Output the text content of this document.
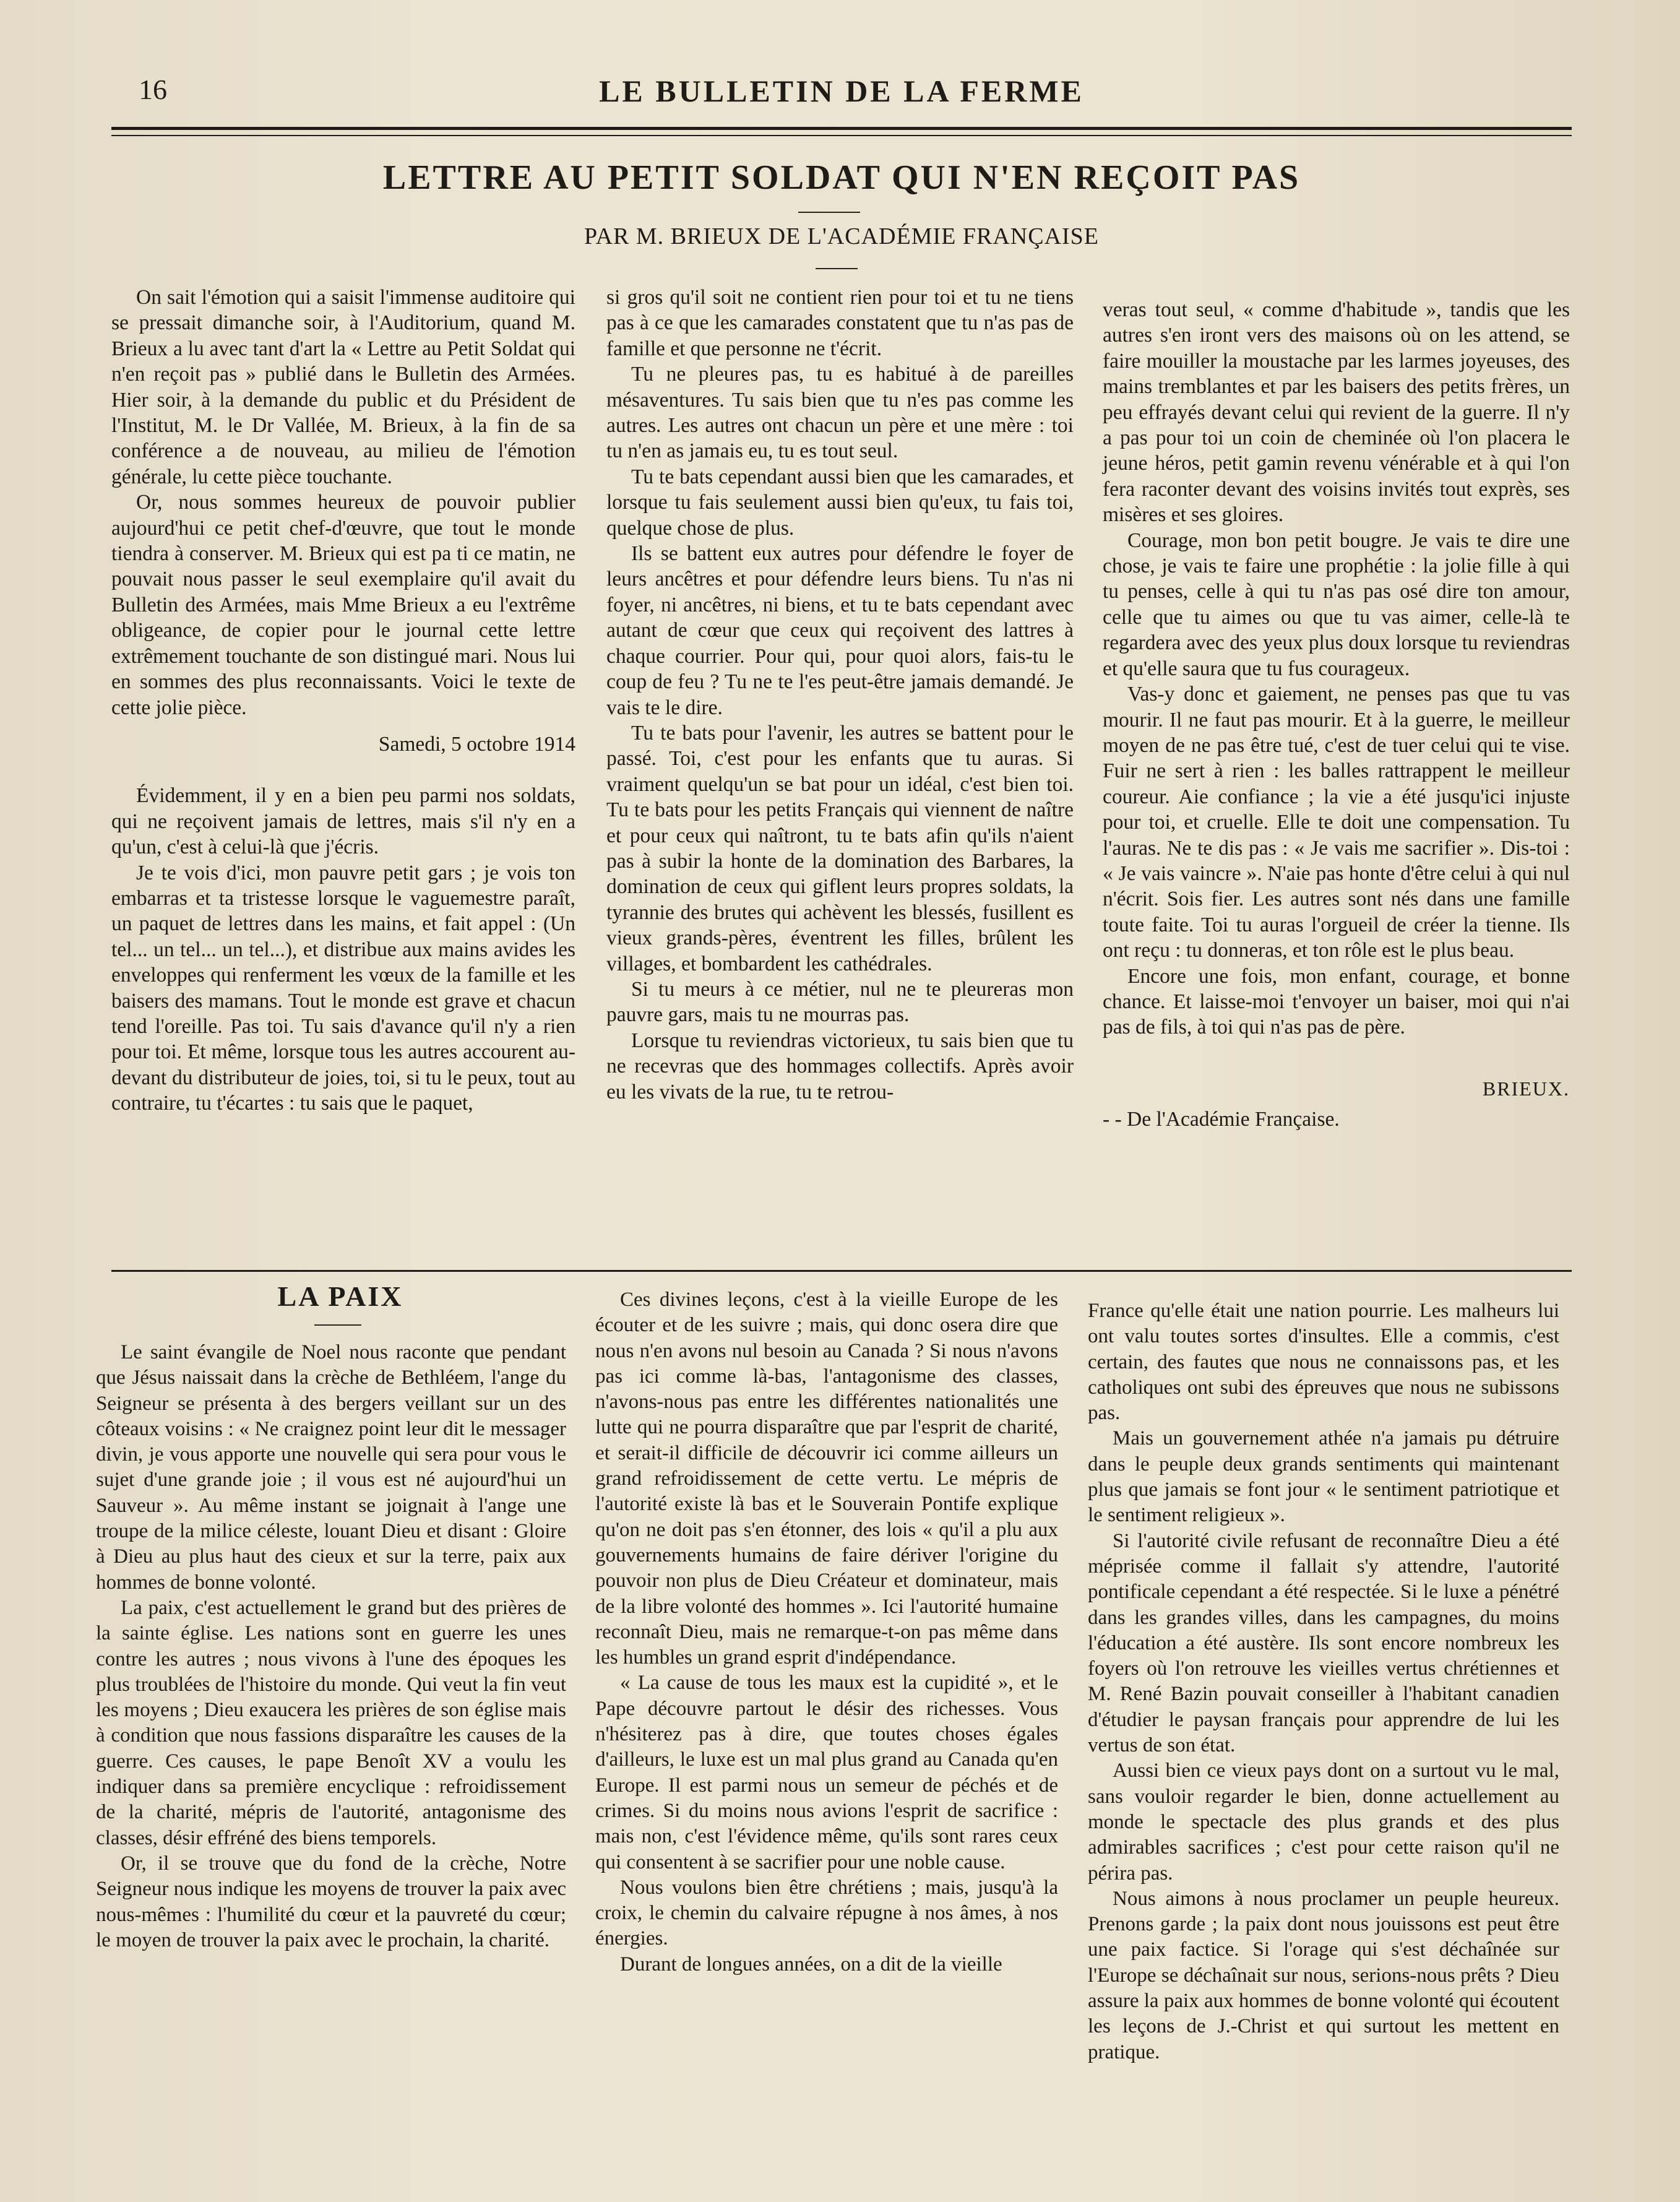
16	LE BULLETIN DE LA FERME
LETTRE AU PETIT SOLDAT QUI N'EN REÇOIT PAS
PAR M. BRIEUX DE L'ACADÉMIE FRANÇAISE

On sait l'émotion qui a saisit l'immense auditoire qui se pressait dimanche soir, à l'Auditorium, quand M. Brieux a lu avec tant d'art la « Lettre au Petit Soldat qui n'en reçoit pas » publié dans le Bulletin des Armées. Hier soir, à la demande du public et du Président de l'Institut, M. le Dr Vallée, M. Brieux, à la fin de sa conférence a de nouveau, au milieu de l'émotion générale, lu cette pièce touchante.

Or, nous sommes heureux de pouvoir publier aujourd'hui ce petit chef-d'œuvre, que tout le monde tiendra à conserver. M. Brieux qui est pa ti ce matin, ne pouvait nous passer le seul exemplaire qu'il avait du Bulletin des Armées, mais Mme Brieux a eu l'extrême obligeance, de copier pour le journal cette lettre extrêmement touchante de son distingué mari. Nous lui en sommes des plus reconnaissants. Voici le texte de cette jolie pièce.

Samedi, 5 octobre 1914

Évidemment, il y en a bien peu parmi nos soldats, qui ne reçoivent jamais de lettres, mais s'il n'y en a qu'un, c'est à celui-là que j'écris.

Je te vois d'ici, mon pauvre petit gars ; je vois ton embarras et ta tristesse lorsque le vaguemestre paraît, un paquet de lettres dans les mains, et fait appel : (Un tel... un tel... un tel...), et distribue aux mains avides les enveloppes qui renferment les vœux de la famille et les baisers des mamans. Tout le monde est grave et chacun tend l'oreille. Pas toi. Tu sais d'avance qu'il n'y a rien pour toi. Et même, lorsque tous les autres accourent au-devant du distributeur de joies, toi, si tu le peux, tout au contraire, tu t'écartes : tu sais que le paquet,

si gros qu'il soit ne contient rien pour toi et tu ne tiens pas à ce que les camarades constatent que tu n'as pas de famille et que personne ne t'écrit.

Tu ne pleures pas, tu es habitué à de pareilles mésaventures. Tu sais bien que tu n'es pas comme les autres. Les autres ont chacun un père et une mère : toi tu n'en as jamais eu, tu es tout seul.

Tu te bats cependant aussi bien que les camarades, et lorsque tu fais seulement aussi bien qu'eux, tu fais toi, quelque chose de plus.

Ils se battent eux autres pour défendre le foyer de leurs ancêtres et pour défendre leurs biens. Tu n'as ni foyer, ni ancêtres, ni biens, et tu te bats cependant avec autant de cœur que ceux qui reçoivent des lattres à chaque courrier. Pour qui, pour quoi alors, fais-tu le coup de feu ? Tu ne te l'es peut-être jamais demandé. Je vais te le dire.

Tu te bats pour l'avenir, les autres se battent pour le passé. Toi, c'est pour les enfants que tu auras. Si vraiment quelqu'un se bat pour un idéal, c'est bien toi. Tu te bats pour les petits Français qui viennent de naître et pour ceux qui naîtront, tu te bats afin qu'ils n'aient pas à subir la honte de la domination des Barbares, la domination de ceux qui giflent leurs propres soldats, la tyrannie des brutes qui achèvent les blessés, fusillent es vieux grands-pères, éventrent les filles, brûlent les villages, et bombardent les cathédrales.

Si tu meurs à ce métier, nul ne te pleureras mon pauvre gars, mais tu ne mourras pas.

Lorsque tu reviendras victorieux, tu sais bien que tu ne recevras que des hommages collectifs. Après avoir eu les vivats de la rue, tu te retrou-

veras tout seul, « comme d'habitude », tandis que les autres s'en iront vers des maisons où on les attend, se faire mouiller la moustache par les larmes joyeuses, des mains tremblantes et par les baisers des petits frères, un peu effrayés devant celui qui revient de la guerre. Il n'y a pas pour toi un coin de cheminée où l'on placera le jeune héros, petit gamin revenu vénérable et à qui l'on fera raconter devant des voisins invités tout exprès, ses misères et ses gloires.

Courage, mon bon petit bougre. Je vais te dire une chose, je vais te faire une prophétie : la jolie fille à qui tu penses, celle à qui tu n'as pas osé dire ton amour, celle que tu aimes ou que tu vas aimer, celle-là te regardera avec des yeux plus doux lorsque tu reviendras et qu'elle saura que tu fus courageux.

Vas-y donc et gaiement, ne penses pas que tu vas mourir. Il ne faut pas mourir. Et à la guerre, le meilleur moyen de ne pas être tué, c'est de tuer celui qui te vise. Fuir ne sert à rien : les balles rattrappent le meilleur coureur. Aie confiance ; la vie a été jusqu'ici injuste pour toi, et cruelle. Elle te doit une compensation. Tu l'auras. Ne te dis pas : « Je vais me sacrifier ». Dis-toi : « Je vais vaincre ». N'aie pas honte d'être celui à qui nul n'écrit. Sois fier. Les autres sont nés dans une famille toute faite. Toi tu auras l'orgueil de créer la tienne. Ils ont reçu : tu donneras, et ton rôle est le plus beau.

Encore une fois, mon enfant, courage, et bonne chance. Et laisse-moi t'envoyer un baiser, moi qui n'ai pas de fils, à toi qui n'as pas de père.

BRIEUX.

- - De l'Académie Française.

LA PAIX

Le saint évangile de Noel nous raconte que pendant que Jésus naissait dans la crèche de Bethléem, l'ange du Seigneur se présenta à des bergers veillant sur un des côteaux voisins : « Ne craignez point leur dit le messager divin, je vous apporte une nouvelle qui sera pour vous le sujet d'une grande joie ; il vous est né aujourd'hui un Sauveur ». Au même instant se joignait à l'ange une troupe de la milice céleste, louant Dieu et disant : Gloire à Dieu au plus haut des cieux et sur la terre, paix aux hommes de bonne volonté.

La paix, c'est actuellement le grand but des prières de la sainte église. Les nations sont en guerre les unes contre les autres ; nous vivons à l'une des époques les plus troublées de l'histoire du monde. Qui veut la fin veut les moyens ; Dieu exaucera les prières de son église mais à condition que nous fassions disparaître les causes de la guerre. Ces causes, le pape Benoît XV a voulu les indiquer dans sa première encyclique : refroidissement de la charité, mépris de l'autorité, antagonisme des classes, désir effréné des biens temporels.

Or, il se trouve que du fond de la crèche, Notre Seigneur nous indique les moyens de trouver la paix avec nous-mêmes : l'humilité du cœur et la pauvreté du cœur; le moyen de trouver la paix avec le prochain, la charité.

Ces divines leçons, c'est à la vieille Europe de les écouter et de les suivre ; mais, qui donc osera dire que nous n'en avons nul besoin au Canada ? Si nous n'avons pas ici comme là-bas, l'antagonisme des classes, n'avons-nous pas entre les différentes nationalités une lutte qui ne pourra disparaître que par l'esprit de charité, et serait-il difficile de découvrir ici comme ailleurs un grand refroidissement de cette vertu. Le mépris de l'autorité existe là bas et le Souverain Pontife explique qu'on ne doit pas s'en étonner, des lois « qu'il a plu aux gouvernements humains de faire dériver l'origine du pouvoir non plus de Dieu Créateur et dominateur, mais de la libre volonté des hommes ». Ici l'autorité humaine reconnaît Dieu, mais ne remarque-t-on pas même dans les humbles un grand esprit d'indépendance.

« La cause de tous les maux est la cupidité », et le Pape découvre partout le désir des richesses. Vous n'hésiterez pas à dire, que toutes choses égales d'ailleurs, le luxe est un mal plus grand au Canada qu'en Europe. Il est parmi nous un semeur de péchés et de crimes. Si du moins nous avions l'esprit de sacrifice : mais non, c'est l'évidence même, qu'ils sont rares ceux qui consentent à se sacrifier pour une noble cause.

Nous voulons bien être chrétiens ; mais, jusqu'à la croix, le chemin du calvaire répugne à nos âmes, à nos énergies.

Durant de longues années, on a dit de la vieille

France qu'elle était une nation pourrie. Les malheurs lui ont valu toutes sortes d'insultes. Elle a commis, c'est certain, des fautes que nous ne connaissons pas, et les catholiques ont subi des épreuves que nous ne subissons pas.

Mais un gouvernement athée n'a jamais pu détruire dans le peuple deux grands sentiments qui maintenant plus que jamais se font jour « le sentiment patriotique et le sentiment religieux ».

Si l'autorité civile refusant de reconnaître Dieu a été méprisée comme il fallait s'y attendre, l'autorité pontificale cependant a été respectée. Si le luxe a pénétré dans les grandes villes, dans les campagnes, du moins l'éducation a été austère. Ils sont encore nombreux les foyers où l'on retrouve les vieilles vertus chrétiennes et M. René Bazin pouvait conseiller à l'habitant canadien d'étudier le paysan français pour apprendre de lui les vertus de son état.

Aussi bien ce vieux pays dont on a surtout vu le mal, sans vouloir regarder le bien, donne actuellement au monde le spectacle des plus grands et des plus admirables sacrifices ; c'est pour cette raison qu'il ne périra pas.

Nous aimons à nous proclamer un peuple heureux. Prenons garde ; la paix dont nous jouissons est peut être une paix factice. Si l'orage qui s'est déchaînée sur l'Europe se déchaînait sur nous, serions-nous prêts ? Dieu assure la paix aux hommes de bonne volonté qui écoutent les leçons de J.-Christ et qui surtout les mettent en pratique.
